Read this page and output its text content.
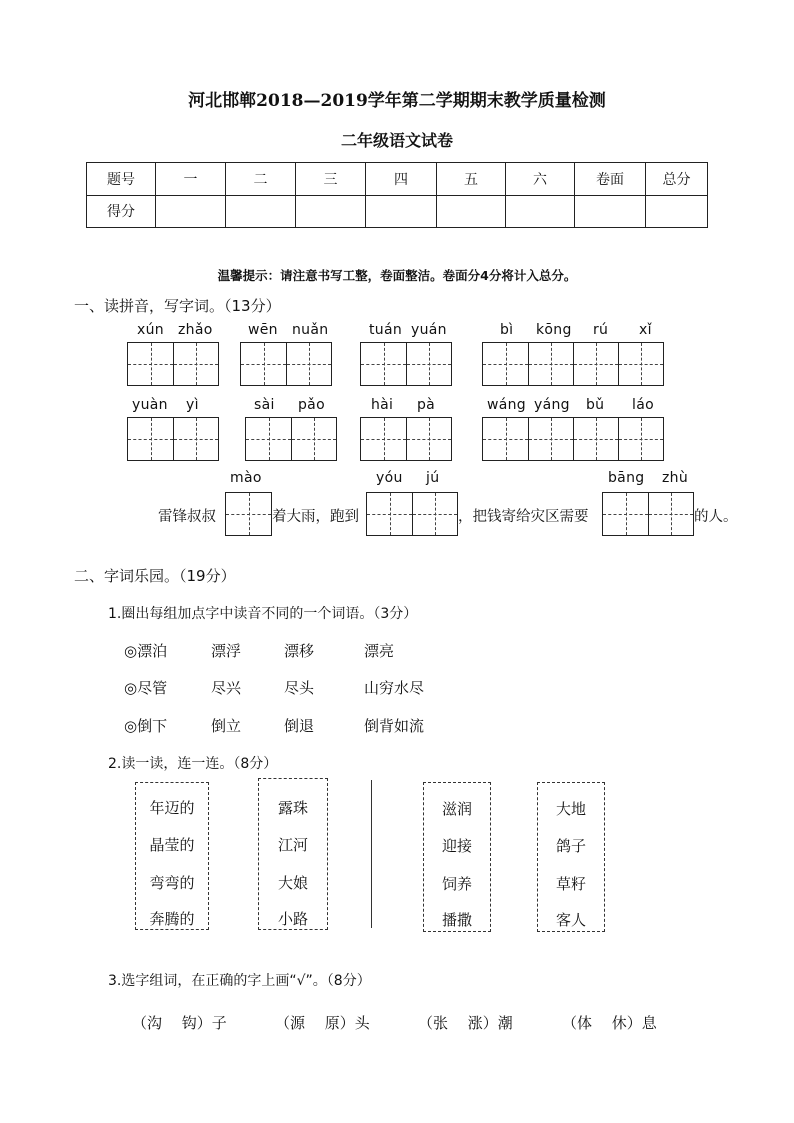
河北邯郸2018—2019学年第二学期期末教学质量检测
二年级语文试卷
题号	一	二	三	四	五	六	卷面	总分
得分								
温馨提示：请注意书写工整，卷面整洁。卷面分4分将计入总分。
一、读拼音，写字词。（13分）
xún zhǎo	wēn nuǎn	tuán yuán	bì kōng rú xǐ
yuàn yì	sài pǎo	hài pà	wáng yáng bǔ láo
mào	yóu jú	bāng zhù
雷锋叔叔	着大雨，跑到	，把钱寄给灾区需要	的人。
二、字词乐园。（19分）
1.圈出每组加点字中读音不同的一个词语。（3分）
◎漂泊	漂浮	漂移	漂亮
◎尽管	尽兴	尽头	山穷水尽
◎倒下	倒立	倒退	倒背如流
2.读一读，连一连。（8分）
年迈的
晶莹的
弯弯的
奔腾的
露珠
江河
大娘
小路
滋润
迎接
饲养
播撒
大地
鸽子
草籽
客人
3.选字组词，在正确的字上画“√”。（8分）
（沟　 钩）子	（源　 原）头	（张　 涨）潮	（体　 休）息
